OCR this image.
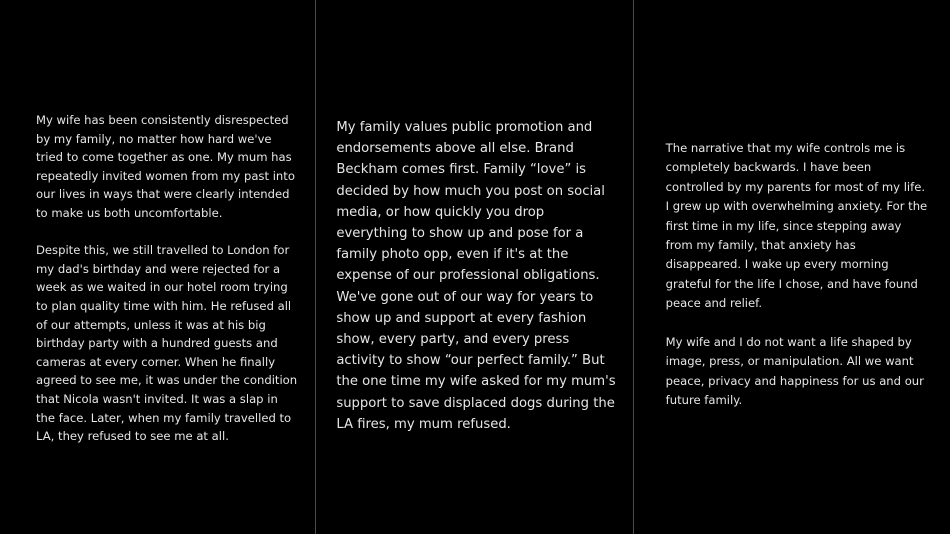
My wife has been consistently disrespected by my family, no matter how hard we've tried to come together as one. My mum has repeatedly invited women from my past into our lives in ways that were clearly intended to make us both uncomfortable.

Despite this, we still travelled to London for my dad's birthday and were rejected for a week as we waited in our hotel room trying to plan quality time with him. He refused all of our attempts, unless it was at his big birthday party with a hundred guests and cameras at every corner. When he finally agreed to see me, it was under the condition that Nicola wasn't invited. It was a slap in the face. Later, when my family travelled to LA, they refused to see me at all.

My family values public promotion and endorsements above all else. Brand Beckham comes first. Family “love” is decided by how much you post on social media, or how quickly you drop everything to show up and pose for a family photo opp, even if it's at the expense of our professional obligations. We've gone out of our way for years to show up and support at every fashion show, every party, and every press activity to show “our perfect family.” But the one time my wife asked for my mum's support to save displaced dogs during the LA fires, my mum refused.

The narrative that my wife controls me is completely backwards. I have been controlled by my parents for most of my life. I grew up with overwhelming anxiety. For the first time in my life, since stepping away from my family, that anxiety has disappeared. I wake up every morning grateful for the life I chose, and have found peace and relief.

My wife and I do not want a life shaped by image, press, or manipulation. All we want peace, privacy and happiness for us and our future family.
